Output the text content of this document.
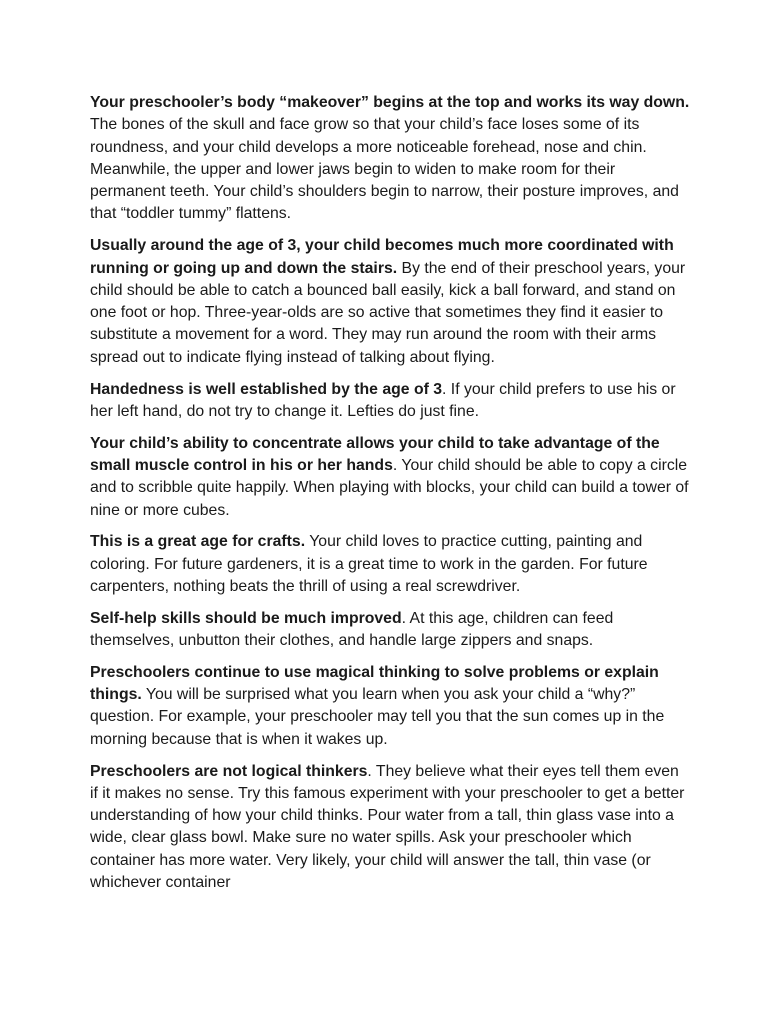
Your preschooler’s body “makeover” begins at the top and works its way down. The bones of the skull and face grow so that your child’s face loses some of its roundness, and your child develops a more noticeable forehead, nose and chin. Meanwhile, the upper and lower jaws begin to widen to make room for their permanent teeth. Your child’s shoulders begin to narrow, their posture improves, and that “toddler tummy” flattens.

Usually around the age of 3, your child becomes much more coordinated with running or going up and down the stairs. By the end of their preschool years, your child should be able to catch a bounced ball easily, kick a ball forward, and stand on one foot or hop. Three-year-olds are so active that sometimes they find it easier to substitute a movement for a word. They may run around the room with their arms spread out to indicate flying instead of talking about flying.

Handedness is well established by the age of 3. If your child prefers to use his or her left hand, do not try to change it. Lefties do just fine.

Your child’s ability to concentrate allows your child to take advantage of the small muscle control in his or her hands. Your child should be able to copy a circle and to scribble quite happily. When playing with blocks, your child can build a tower of nine or more cubes.

This is a great age for crafts. Your child loves to practice cutting, painting and coloring. For future gardeners, it is a great time to work in the garden. For future carpenters, nothing beats the thrill of using a real screwdriver.

Self-help skills should be much improved. At this age, children can feed themselves, unbutton their clothes, and handle large zippers and snaps.

Preschoolers continue to use magical thinking to solve problems or explain things. You will be surprised what you learn when you ask your child a “why?” question. For example, your preschooler may tell you that the sun comes up in the morning because that is when it wakes up.

Preschoolers are not logical thinkers. They believe what their eyes tell them even if it makes no sense. Try this famous experiment with your preschooler to get a better understanding of how your child thinks. Pour water from a tall, thin glass vase into a wide, clear glass bowl. Make sure no water spills. Ask your preschooler which container has more water. Very likely, your child will answer the tall, thin vase (or whichever container
